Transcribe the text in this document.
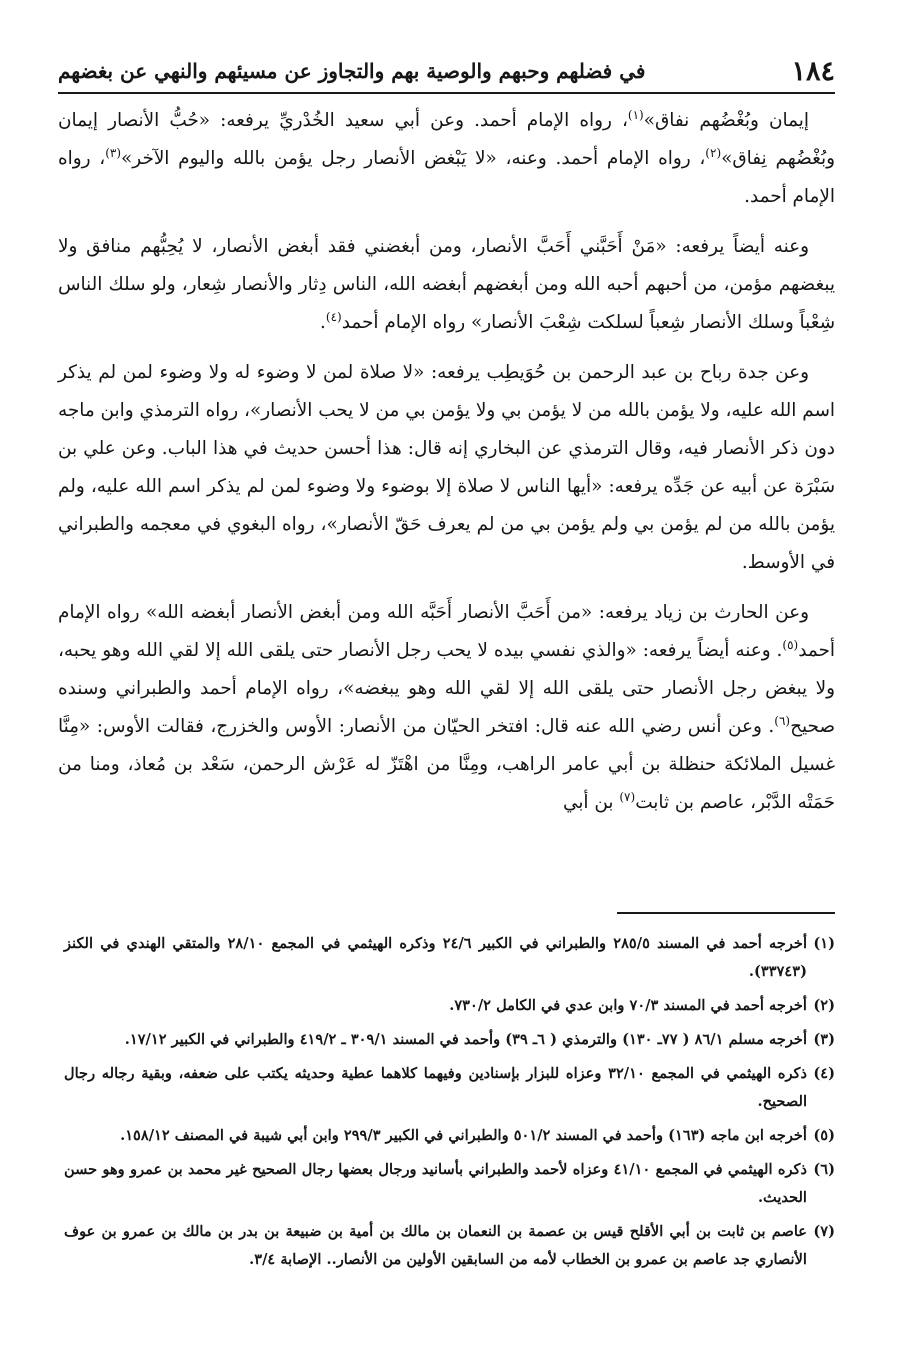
١٨٤
في فضلهم وحبهم والوصية بهم والتجاوز عن مسيئهم والنهي عن بغضهم

إيمان وبُغْضُهم نفاق»$^{(١)}$، رواه الإمام أحمد. وعن أبي سعيد الخُدْريِّ يرفعه: «حُبُّ الأنصار إيمان وبُغْضُهم نِفاق»$^{(٢)}$، رواه الإمام أحمد. وعنه، «لا يَبْغض الأنصار رجل يؤمن بالله واليوم الآخر»$^{(٣)}$، رواه الإمام أحمد.

وعنه أيضاً يرفعه: «مَنْ أَحَبَّني أَحَبَّ الأنصار، ومن أبغضني فقد أبغض الأنصار، لا يُحِبُّهم منافق ولا يبغضهم مؤمن، من أحبهم أحبه الله ومن أبغضهم أبغضه الله، الناس دِثار والأنصار شِعار، ولو سلك الناس شِعْباً وسلك الأنصار شِعباً لسلكت شِعْبَ الأنصار» رواه الإمام أحمد$^{(٤)}$.

وعن جدة رباح بن عبد الرحمن بن حُوَيطِب يرفعه: «لا صلاة لمن لا وضوء له ولا وضوء لمن لم يذكر اسم الله عليه، ولا يؤمن بالله من لا يؤمن بي ولا يؤمن بي من لا يحب الأنصار»، رواه الترمذي وابن ماجه دون ذكر الأنصار فيه، وقال الترمذي عن البخاري إنه قال: هذا أحسن حديث في هذا الباب. وعن علي بن سَبْرَة عن أبيه عن جَدِّه يرفعه: «أيها الناس لا صلاة إلا بوضوء ولا وضوء لمن لم يذكر اسم الله عليه، ولم يؤمن بالله من لم يؤمن بي ولم يؤمن بي من لم يعرف حَقّ الأنصار»، رواه البغوي في معجمه والطبراني في الأوسط.

وعن الحارث بن زياد يرفعه: «من أَحَبَّ الأنصار أَحَبَّه الله ومن أبغض الأنصار أبغضه الله» رواه الإمام أحمد$^{(٥)}$. وعنه أيضاً يرفعه: «والذي نفسي بيده لا يحب رجل الأنصار حتى يلقى الله إلا لقي الله وهو يحبه، ولا يبغض رجل الأنصار حتى يلقى الله إلا لقي الله وهو يبغضه»، رواه الإمام أحمد والطبراني وسنده صحيح$^{(٦)}$. وعن أنس رضي الله عنه قال: افتخر الحيّان من الأنصار: الأوس والخزرج، فقالت الأوس: «مِنَّا غسيل الملائكة حنظلة بن أبي عامر الراهب، ومِنَّا من اهْتَزّ له عَرْش الرحمن، سَعْد بن مُعاذ، ومنا من حَمَتْه الدَّبْر، عاصم بن ثابت$^{(٧)}$ بن أبي

(١)
أخرجه أحمد في المسند ٢٨٥/٥ والطبراني في الكبير ٢٤/٦ وذكره الهيثمي في المجمع ٢٨/١٠ والمتقي الهندي في الكنز (٣٣٧٤٣).

(٢)
أخرجه أحمد في المسند ٧٠/٣ وابن عدي في الكامل ٧٣٠/٢.

(٣)
أخرجه مسلم ٨٦/١ ( ٧٧ـ ١٣٠) والترمذي ( ٦ـ ٣٩) وأحمد في المسند ٣٠٩/١ ـ ٤١٩/٢ والطبراني في الكبير ١٧/١٢.

(٤)
ذكره الهيثمي في المجمع ٣٢/١٠ وعزاه للبزار بإسنادين وفيهما كلاهما عطية وحديثه يكتب على ضعفه، وبقية رجاله رجال الصحيح.

(٥)
أخرجه ابن ماجه (١٦٣) وأحمد في المسند ٥٠١/٢ والطبراني في الكبير ٢٩٩/٣ وابن أبي شيبة في المصنف ١٥٨/١٢.

(٦)
ذكره الهيثمي في المجمع ٤١/١٠ وعزاه لأحمد والطبراني بأسانيد ورجال بعضها رجال الصحيح غير محمد بن عمرو وهو حسن الحديث.

(٧)
عاصم بن ثابت بن أبي الأقلح قيس بن عصمة بن النعمان بن مالك بن أمية بن ضبيعة بن بدر بن مالك بن عمرو بن عوف الأنصاري جد عاصم بن عمرو بن الخطاب لأمه من السابقين الأولين من الأنصار.. الإصابة ٣/٤.
